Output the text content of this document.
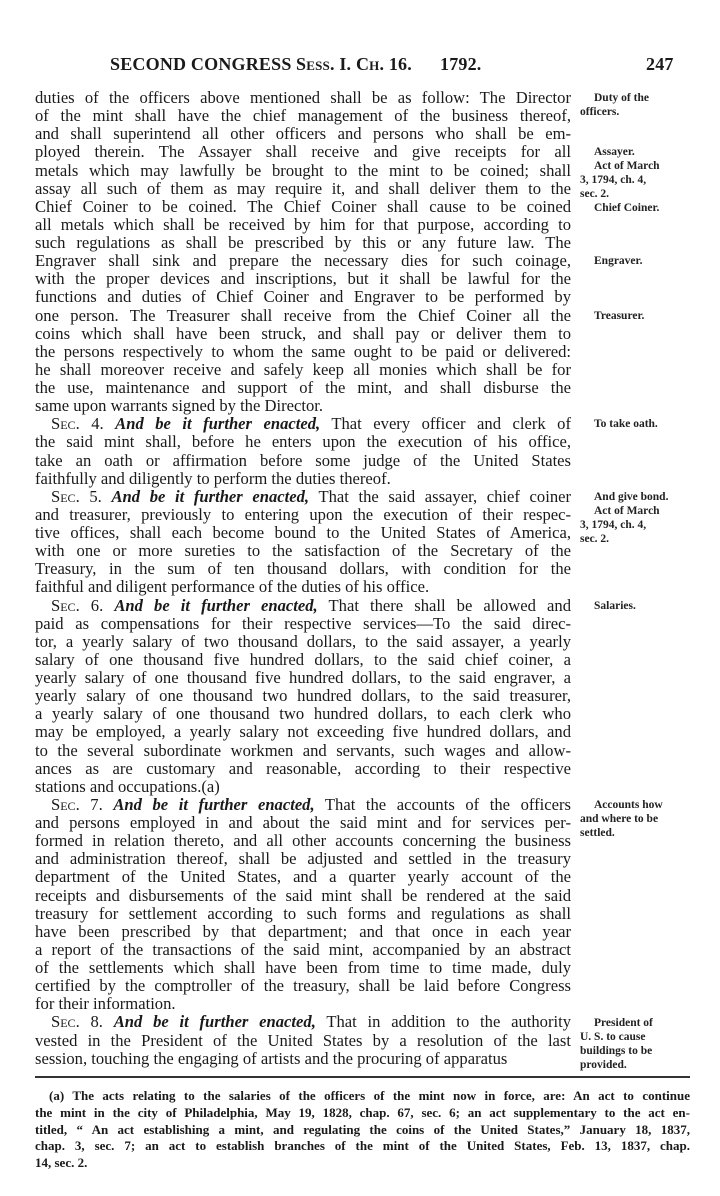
SECOND CONGRESS Sess. I. Ch. 16. 1792.	247
duties of the officers above mentioned shall be as follow: The Director
of the mint shall have the chief management of the business thereof,
and shall superintend all other officers and persons who shall be em-
ployed therein. The Assayer shall receive and give receipts for all
metals which may lawfully be brought to the mint to be coined; shall
assay all such of them as may require it, and shall deliver them to the
Chief Coiner to be coined. The Chief Coiner shall cause to be coined
all metals which shall be received by him for that purpose, according to
such regulations as shall be prescribed by this or any future law. The
Engraver shall sink and prepare the necessary dies for such coinage,
with the proper devices and inscriptions, but it shall be lawful for the
functions and duties of Chief Coiner and Engraver to be performed by
one person. The Treasurer shall receive from the Chief Coiner all the
coins which shall have been struck, and shall pay or deliver them to
the persons respectively to whom the same ought to be paid or delivered:
he shall moreover receive and safely keep all monies which shall be for
the use, maintenance and support of the mint, and shall disburse the
same upon warrants signed by the Director.
Sec. 4. And be it further enacted, That every officer and clerk of
the said mint shall, before he enters upon the execution of his office,
take an oath or affirmation before some judge of the United States
faithfully and diligently to perform the duties thereof.
Sec. 5. And be it further enacted, That the said assayer, chief coiner
and treasurer, previously to entering upon the execution of their respec-
tive offices, shall each become bound to the United States of America,
with one or more sureties to the satisfaction of the Secretary of the
Treasury, in the sum of ten thousand dollars, with condition for the
faithful and diligent performance of the duties of his office.
Sec. 6. And be it further enacted, That there shall be allowed and
paid as compensations for their respective services—To the said direc-
tor, a yearly salary of two thousand dollars, to the said assayer, a yearly
salary of one thousand five hundred dollars, to the said chief coiner, a
yearly salary of one thousand five hundred dollars, to the said engraver, a
yearly salary of one thousand two hundred dollars, to the said treasurer,
a yearly salary of one thousand two hundred dollars, to each clerk who
may be employed, a yearly salary not exceeding five hundred dollars, and
to the several subordinate workmen and servants, such wages and allow-
ances as are customary and reasonable, according to their respective
stations and occupations.(a)
Sec. 7. And be it further enacted, That the accounts of the officers
and persons employed in and about the said mint and for services per-
formed in relation thereto, and all other accounts concerning the business
and administration thereof, shall be adjusted and settled in the treasury
department of the United States, and a quarter yearly account of the
receipts and disbursements of the said mint shall be rendered at the said
treasury for settlement according to such forms and regulations as shall
have been prescribed by that department; and that once in each year
a report of the transactions of the said mint, accompanied by an abstract
of the settlements which shall have been from time to time made, duly
certified by the comptroller of the treasury, shall be laid before Congress
for their information.
Sec. 8. And be it further enacted, That in addition to the authority
vested in the President of the United States by a resolution of the last
session, touching the engaging of artists and the procuring of apparatus
Duty of the
officers.
Assayer.
Act of March
3, 1794, ch. 4,
sec. 2.
Chief Coiner.
Engraver.
Treasurer.
To take oath.
And give bond.
Act of March
3, 1794, ch. 4,
sec. 2.
Salaries.
Accounts how
and where to be
settled.
President of
U. S. to cause
buildings to be
provided.
(a) The acts relating to the salaries of the officers of the mint now in force, are: An act to continue
the mint in the city of Philadelphia, May 19, 1828, chap. 67, sec. 6; an act supplementary to the act en-
titled, “ An act establishing a mint, and regulating the coins of the United States,” January 18, 1837,
chap. 3, sec. 7; an act to establish branches of the mint of the United States, Feb. 13, 1837, chap.
14, sec. 2.
